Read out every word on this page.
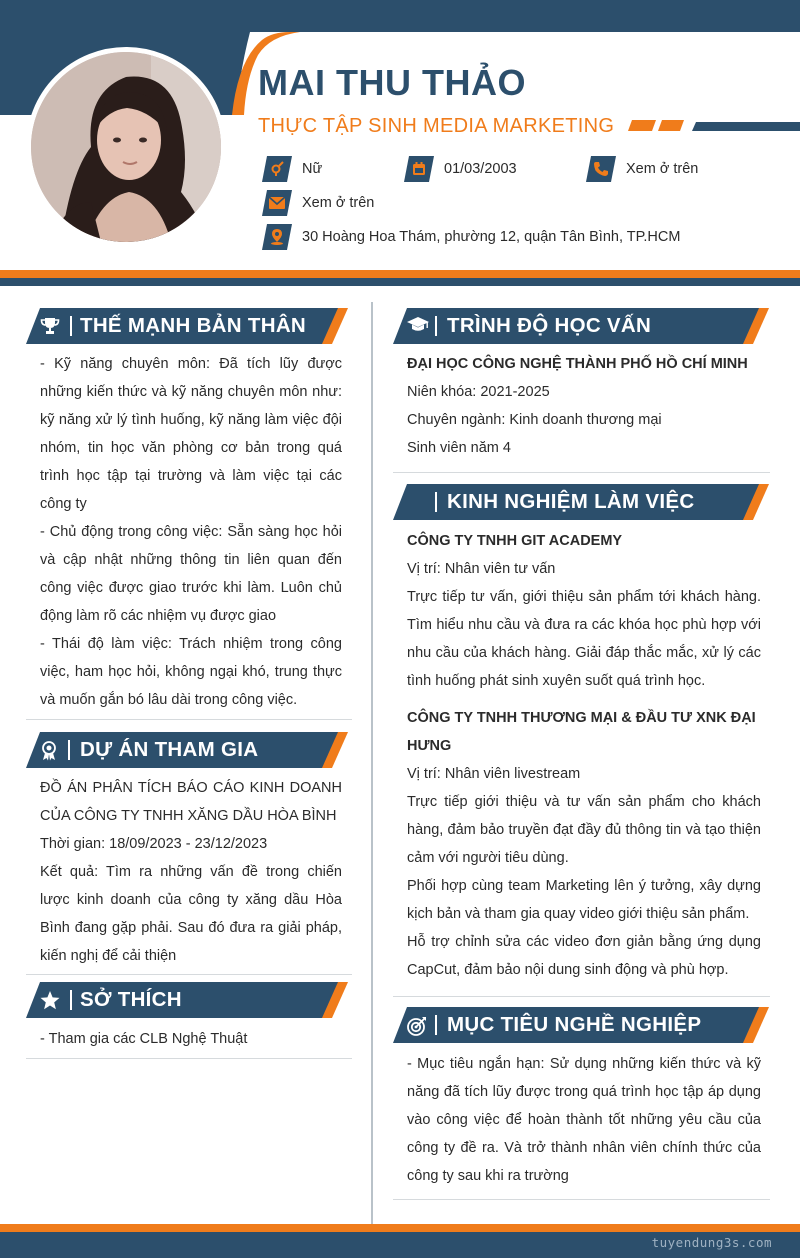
MAI THU THẢO
THỰC TẬP SINH MEDIA MARKETING
Nữ	01/03/2003	Xem ở trên
Xem ở trên
30 Hoàng Hoa Thám, phường 12, quận Tân Bình, TP.HCM
THẾ MẠNH BẢN THÂN

- Kỹ năng chuyên môn: Đã tích lũy được những kiến thức và kỹ năng chuyên môn như: kỹ năng xử lý tình huống, kỹ năng làm việc đội nhóm, tin học văn phòng cơ bản trong quá trình học tập tại trường và làm việc tại các công ty

- Chủ động trong công việc: Sẵn sàng học hỏi và cập nhật những thông tin liên quan đến công việc được giao trước khi làm. Luôn chủ động làm rõ các nhiệm vụ được giao

- Thái độ làm việc: Trách nhiệm trong công việc, ham học hỏi, không ngại khó, trung thực và muốn gắn bó lâu dài trong công việc.

DỰ ÁN THAM GIA

ĐỒ ÁN PHÂN TÍCH BÁO CÁO KINH DOANH CỦA CÔNG TY TNHH XĂNG DẦU HÒA BÌNH

Thời gian: 18/09/2023 - 23/12/2023

Kết quả: Tìm ra những vấn đề trong chiến lược kinh doanh của công ty xăng dầu Hòa Bình đang gặp phải. Sau đó đưa ra giải pháp, kiến nghị để cải thiện

SỞ THÍCH

- Tham gia các CLB Nghệ Thuật

TRÌNH ĐỘ HỌC VẤN

ĐẠI HỌC CÔNG NGHỆ THÀNH PHỐ HỒ CHÍ MINH

Niên khóa: 2021-2025

Chuyên ngành: Kinh doanh thương mại

Sinh viên năm 4

KINH NGHIỆM LÀM VIỆC

CÔNG TY TNHH GIT ACADEMY

Vị trí: Nhân viên tư vấn

Trực tiếp tư vấn, giới thiệu sản phẩm tới khách hàng. Tìm hiểu nhu cầu và đưa ra các khóa học phù hợp với nhu cầu của khách hàng. Giải đáp thắc mắc, xử lý các tình huống phát sinh xuyên suốt quá trình học.

CÔNG TY TNHH THƯƠNG MẠI & ĐẦU TƯ XNK ĐẠI HƯNG

Vị trí: Nhân viên livestream

Trực tiếp giới thiệu và tư vấn sản phẩm cho khách hàng, đảm bảo truyền đạt đầy đủ thông tin và tạo thiện cảm với người tiêu dùng.

Phối hợp cùng team Marketing lên ý tưởng, xây dựng kịch bản và tham gia quay video giới thiệu sản phẩm.

Hỗ trợ chỉnh sửa các video đơn giản bằng ứng dụng CapCut, đảm bảo nội dung sinh động và phù hợp.

MỤC TIÊU NGHỀ NGHIỆP

- Mục tiêu ngắn hạn: Sử dụng những kiến thức và kỹ năng đã tích lũy được trong quá trình học tập áp dụng vào công việc để hoàn thành tốt những yêu cầu của công ty đề ra. Và trở thành nhân viên chính thức của công ty sau khi ra trường

tuyendung3s.com
